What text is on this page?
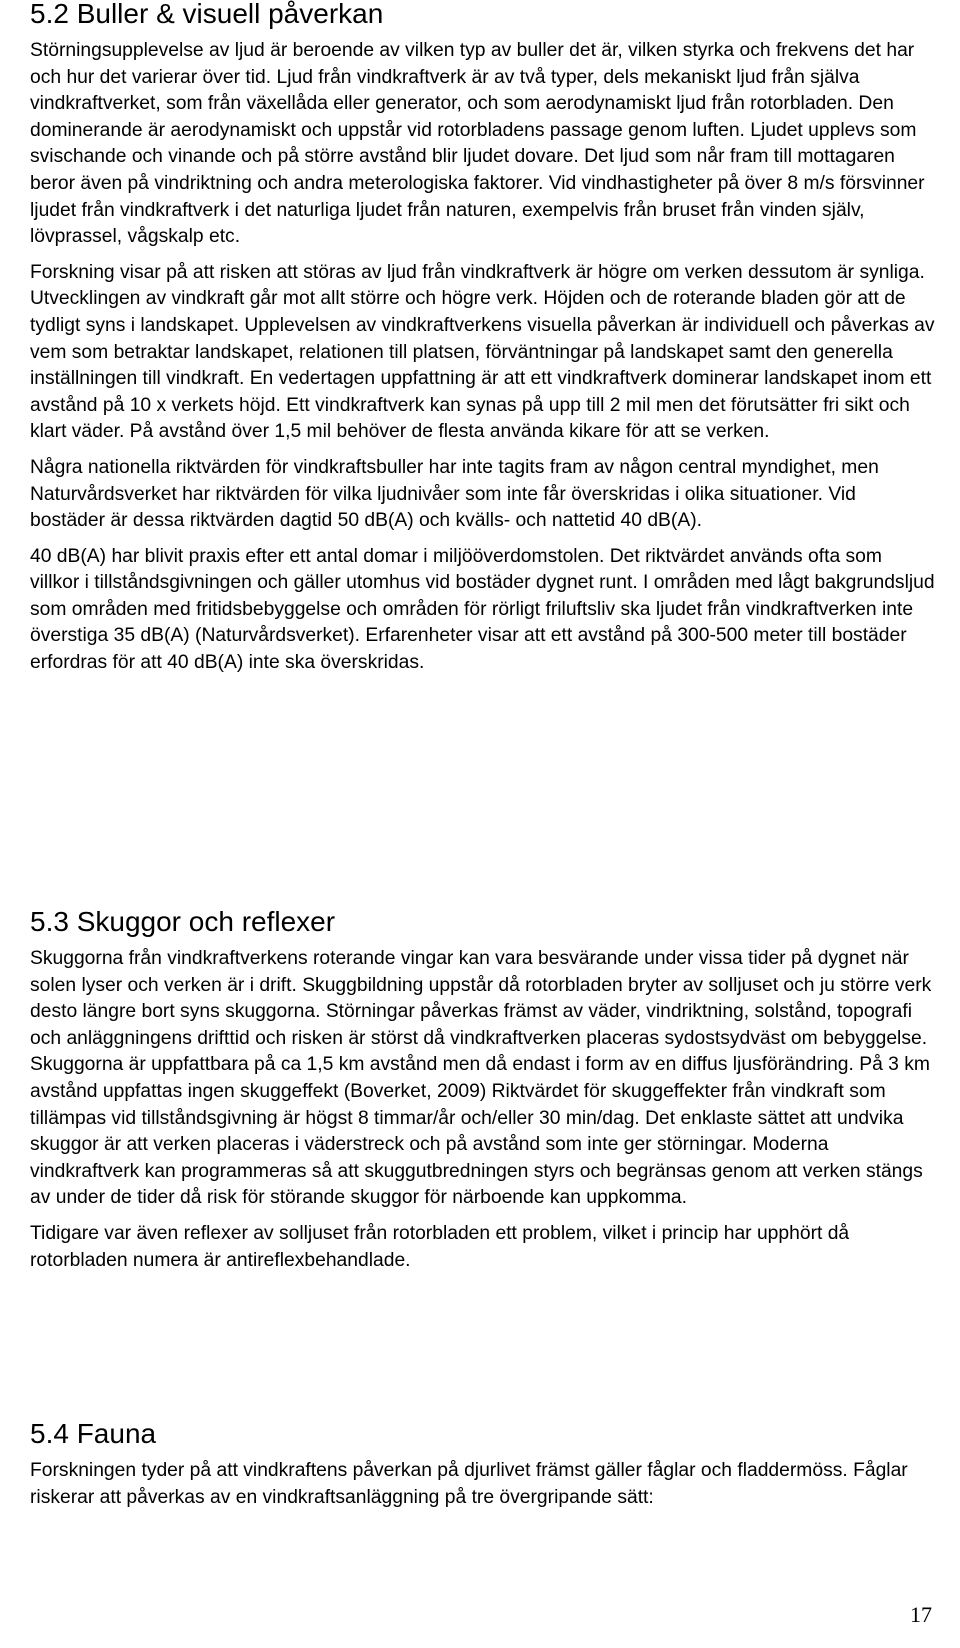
5.2 Buller & visuell påverkan

Störningsupplevelse av ljud är beroende av vilken typ av buller det är, vilken styrka och frekvens det har och hur det varierar över tid. Ljud från vindkraftverk är av två typer, dels mekaniskt ljud från själva vindkraftverket, som från växellåda eller generator, och som aerodynamiskt ljud från rotorbladen. Den dominerande är aerodynamiskt och uppstår vid rotorbladens passage genom luften. Ljudet upplevs som svischande och vinande och på större avstånd blir ljudet dovare. Det ljud som når fram till mottagaren beror även på vindriktning och andra meterologiska faktorer. Vid vindhastigheter på över 8 m/s försvinner ljudet från vindkraftverk i det naturliga ljudet från naturen, exempelvis från bruset från vinden själv, lövprassel, vågskalp etc.

Forskning visar på att risken att störas av ljud från vindkraftverk är högre om verken dessutom är synliga. Utvecklingen av vindkraft går mot allt större och högre verk. Höjden och de roterande bladen gör att de tydligt syns i landskapet. Upplevelsen av vindkraftverkens visuella påverkan är individuell och påverkas av vem som betraktar landskapet, relationen till platsen, förväntningar på landskapet samt den generella inställningen till vindkraft. En vedertagen uppfattning är att ett vindkraftverk dominerar landskapet inom ett avstånd på 10 x verkets höjd. Ett vindkraftverk kan synas på upp till 2 mil men det förutsätter fri sikt och klart väder. På avstånd över 1,5 mil behöver de flesta använda kikare för att se verken.

Några nationella riktvärden för vindkraftsbuller har inte tagits fram av någon central myndighet, men Naturvårdsverket har riktvärden för vilka ljudnivåer som inte får överskridas i olika situationer. Vid bostäder är dessa riktvärden dagtid 50 dB(A) och kvälls- och nattetid 40 dB(A).

40 dB(A) har blivit praxis efter ett antal domar i miljööverdomstolen. Det riktvärdet används ofta som villkor i tillståndsgivningen och gäller utomhus vid bostäder dygnet runt. I områden med lågt bakgrundsljud som områden med fritidsbebyggelse och områden för rörligt friluftsliv ska ljudet från vindkraftverken inte överstiga 35 dB(A) (Naturvårdsverket). Erfarenheter visar att ett avstånd på 300-500 meter till bostäder erfordras för att 40 dB(A) inte ska överskridas.

5.3 Skuggor och reflexer

Skuggorna från vindkraftverkens roterande vingar kan vara besvärande under vissa tider på dygnet när solen lyser och verken är i drift. Skuggbildning uppstår då rotorbladen bryter av solljuset och ju större verk desto längre bort syns skuggorna. Störningar påverkas främst av väder, vindriktning, solstånd, topografi och anläggningens drifttid och risken är störst då vindkraftverken placeras sydostsydväst om bebyggelse. Skuggorna är uppfattbara på ca 1,5 km avstånd men då endast i form av en diffus ljusförändring. På 3 km avstånd uppfattas ingen skuggeffekt (Boverket, 2009) Riktvärdet för skuggeffekter från vindkraft som tillämpas vid tillståndsgivning är högst 8 timmar/år och/eller 30 min/dag. Det enklaste sättet att undvika skuggor är att verken placeras i väderstreck och på avstånd som inte ger störningar. Moderna vindkraftverk kan programmeras så att skuggutbredningen styrs och begränsas genom att verken stängs av under de tider då risk för störande skuggor för närboende kan uppkomma.

Tidigare var även reflexer av solljuset från rotorbladen ett problem, vilket i princip har upphört då rotorbladen numera är antireflexbehandlade.

5.4 Fauna

Forskningen tyder på att vindkraftens påverkan på djurlivet främst gäller fåglar och fladdermöss. Fåglar riskerar att påverkas av en vindkraftsanläggning på tre övergripande sätt:

17
